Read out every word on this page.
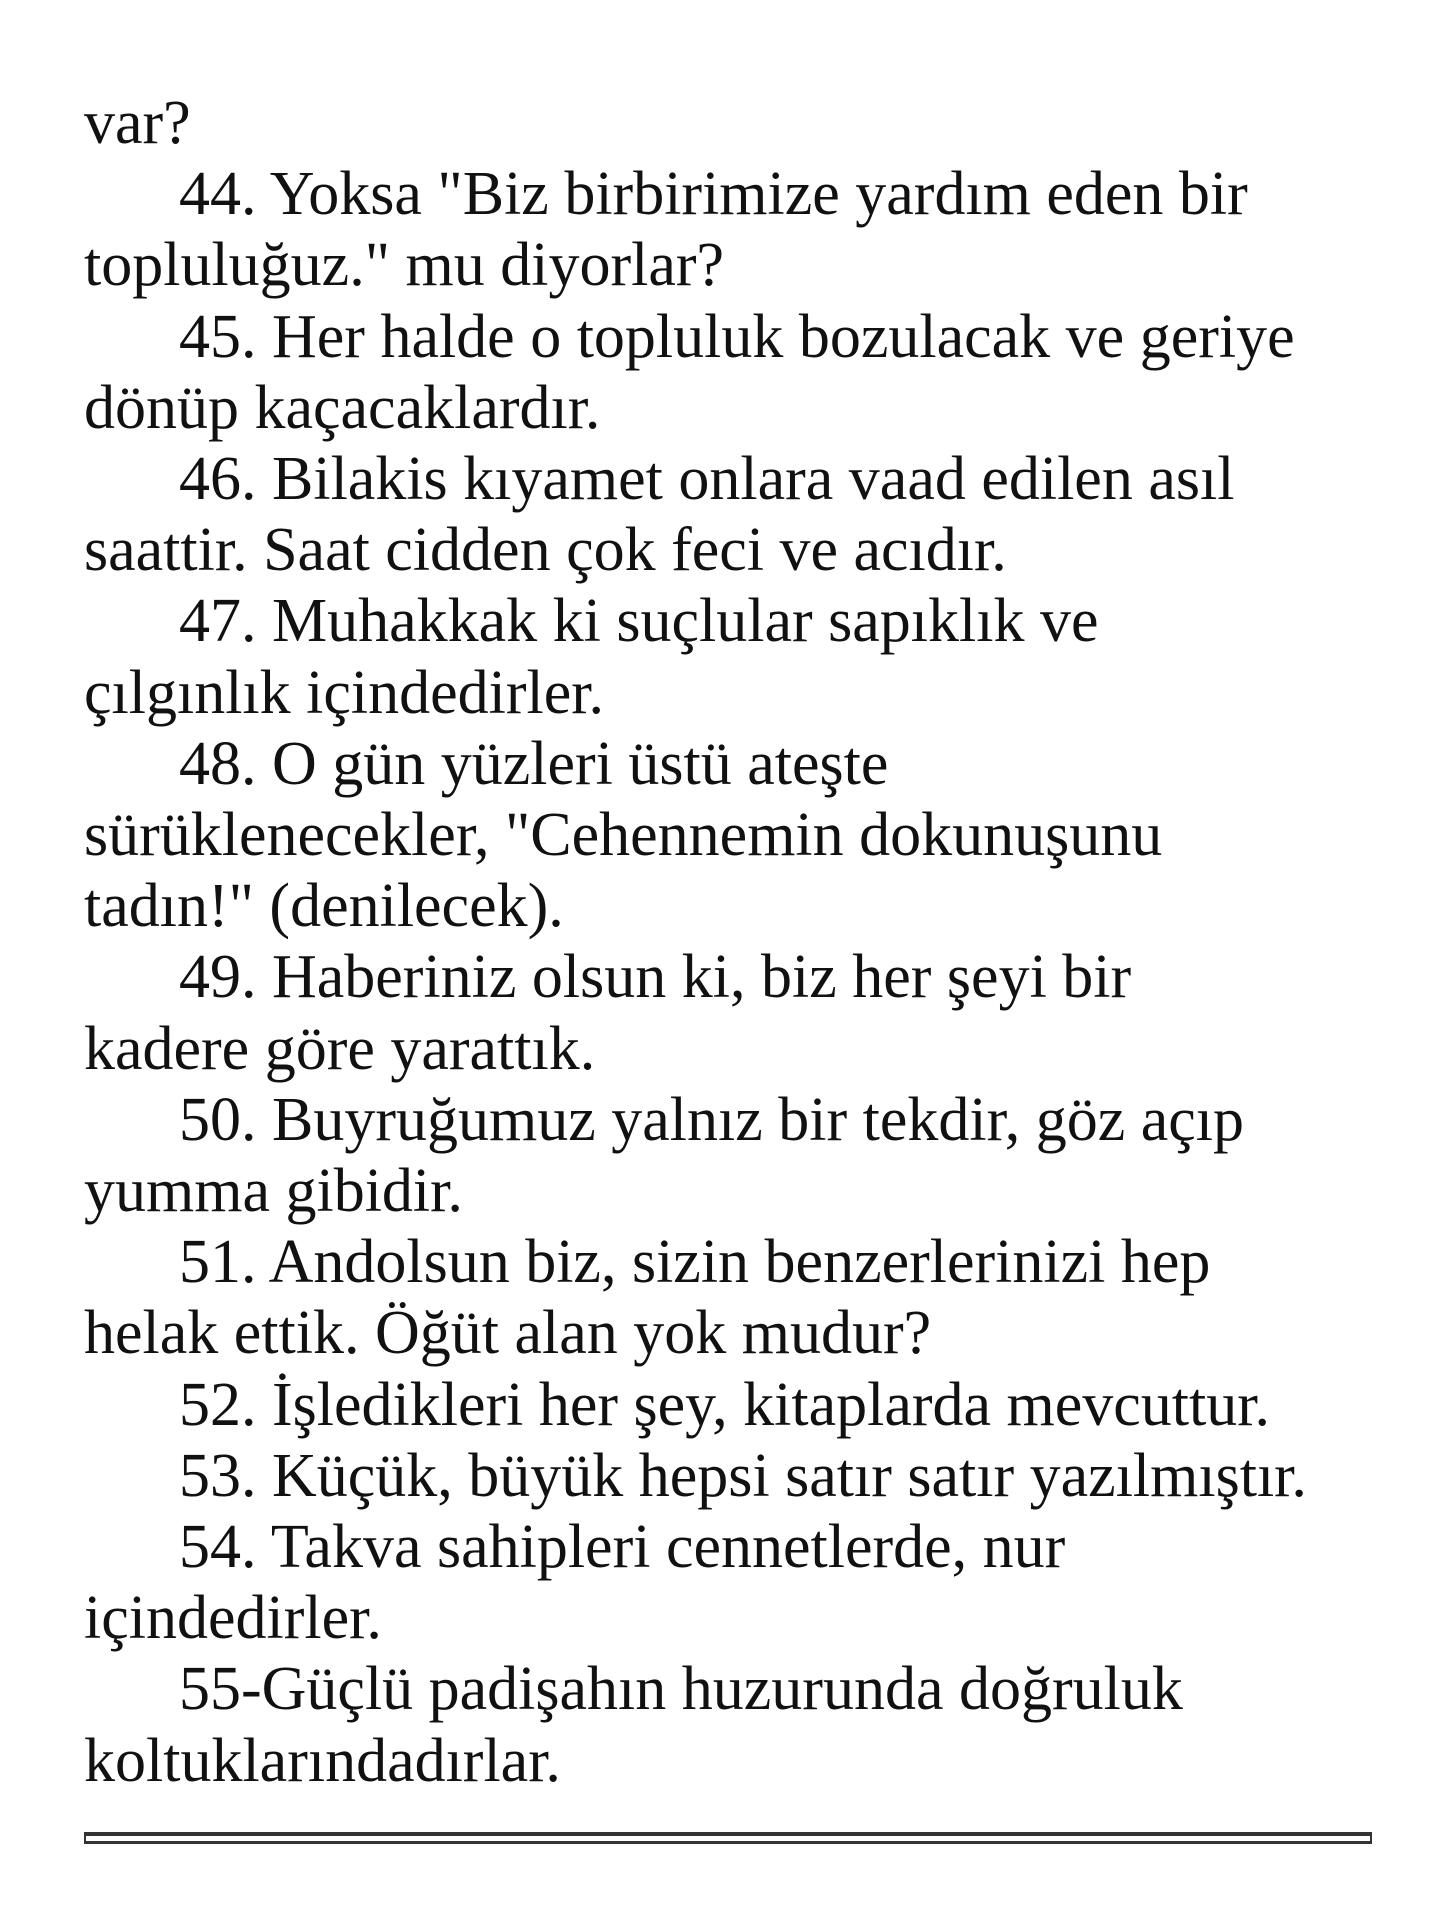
var?
44. Yoksa "Biz birbirimize yardım eden bir
topluluğuz." mu diyorlar?
45. Her halde o topluluk bozulacak ve geriye
dönüp kaçacaklardır.
46. Bilakis kıyamet onlara vaad edilen asıl
saattir. Saat cidden çok feci ve acıdır.
47. Muhakkak ki suçlular sapıklık ve
çılgınlık içindedirler.
48. O gün yüzleri üstü ateşte
sürüklenecekler, "Cehennemin dokunuşunu
tadın!" (denilecek).
49. Haberiniz olsun ki, biz her şeyi bir
kadere göre yarattık.
50. Buyruğumuz yalnız bir tekdir, göz açıp
yumma gibidir.
51. Andolsun biz, sizin benzerlerinizi hep
helak ettik. Öğüt alan yok mudur?
52. İşledikleri her şey, kitaplarda mevcuttur.
53. Küçük, büyük hepsi satır satır yazılmıştır.
54. Takva sahipleri cennetlerde, nur
içindedirler.
55-Güçlü padişahın huzurunda doğruluk
koltuklarındadırlar.
